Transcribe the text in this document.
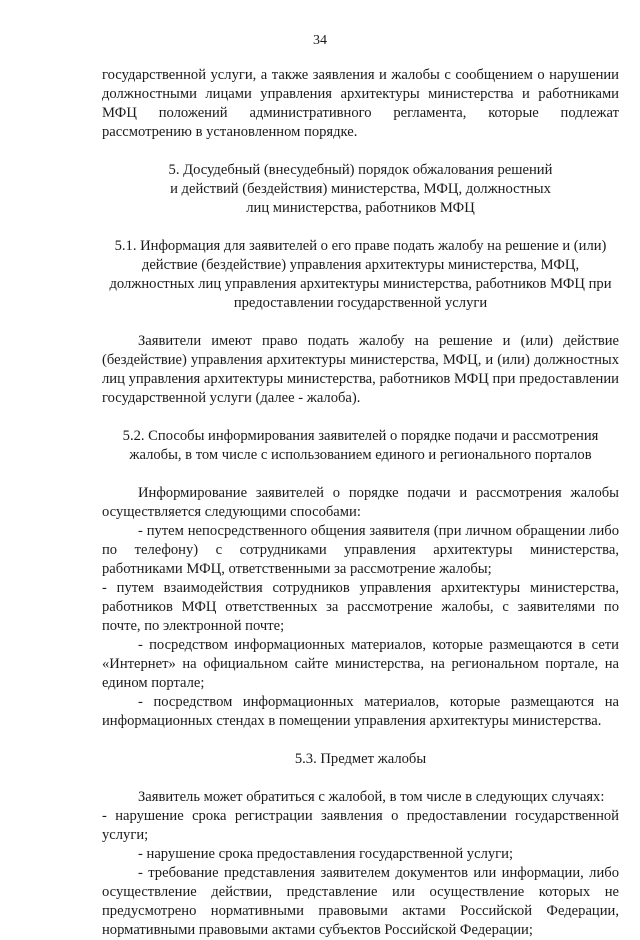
34

государственной услуги, а также заявления и жалобы с сообщением о нарушении должностными лицами управления архитектуры министерства и работниками МФЦ положений административного регламента, которые подлежат рассмотрению в установленном порядке.

5. Досудебный (внесудебный) порядок обжалования решений
и действий (бездействия) министерства, МФЦ, должностных
лиц министерства, работников МФЦ

5.1. Информация для заявителей о его праве подать жалобу на решение и (или) действие (бездействие) управления архитектуры министерства, МФЦ, должностных лиц управления архитектуры министерства, работников МФЦ при предоставлении государственной услуги

Заявители имеют право подать жалобу на решение и (или) действие (бездействие) управления архитектуры министерства, МФЦ, и (или) должностных лиц управления архитектуры министерства, работников МФЦ при предоставлении государственной услуги (далее - жалоба).

5.2. Способы информирования заявителей о порядке подачи и рассмотрения жалобы, в том числе с использованием единого и регионального порталов

Информирование заявителей о порядке подачи и рассмотрения жалобы осуществляется следующими способами:

- путем непосредственного общения заявителя (при личном обращении либо по телефону) с сотрудниками управления архитектуры министерства, работниками МФЦ, ответственными за рассмотрение жалобы;

- путем взаимодействия сотрудников управления архитектуры министерства, работников МФЦ ответственных за рассмотрение жалобы, с заявителями по почте, по электронной почте;

- посредством информационных материалов, которые размещаются в сети «Интернет» на официальном сайте министерства, на региональном портале, на едином портале;

- посредством информационных материалов, которые размещаются на информационных стендах в помещении управления архитектуры министерства.

5.3. Предмет жалобы

Заявитель может обратиться с жалобой, в том числе в следующих случаях:

- нарушение срока регистрации заявления о предоставлении государственной услуги;

- нарушение срока предоставления государственной услуги;

- требование представления заявителем документов или информации, либо осуществление действии, представление или осуществление которых не предусмотрено нормативными правовыми актами Российской Федерации, нормативными правовыми актами субъектов Российской Федерации;
